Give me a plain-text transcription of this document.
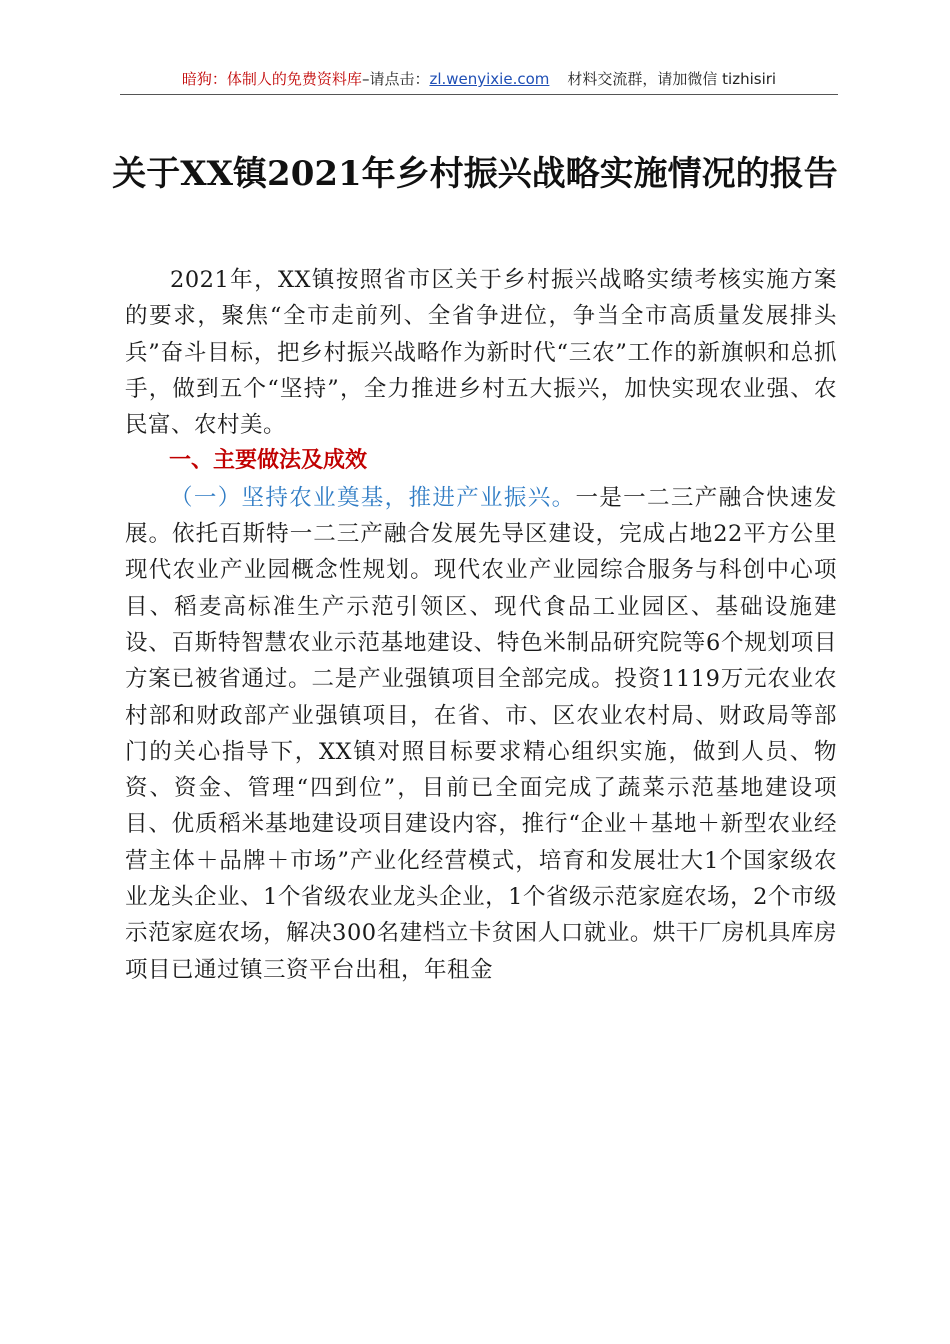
暗狗：体制人的免费资料库–请点击：zl.wenyixie.com 材料交流群，请加微信 tizhisiri
关于XX镇2021年乡村振兴战略实施情况的报告

2021年，XX镇按照省市区关于乡村振兴战略实绩考核实施方案的要求，聚焦“全市走前列、全省争进位，争当全市高质量发展排头兵”奋斗目标，把乡村振兴战略作为新时代“三农”工作的新旗帜和总抓手，做到五个“坚持”，全力推进乡村五大振兴，加快实现农业强、农民富、农村美。

一、主要做法及成效

（一）坚持农业奠基，推进产业振兴。一是一二三产融合快速发展。依托百斯特一二三产融合发展先导区建设，完成占地22平方公里现代农业产业园概念性规划。现代农业产业园综合服务与科创中心项目、稻麦高标准生产示范引领区、现代食品工业园区、基础设施建设、百斯特智慧农业示范基地建设、特色米制品研究院等6个规划项目方案已被省通过。二是产业强镇项目全部完成。投资1119万元农业农村部和财政部产业强镇项目，在省、市、区农业农村局、财政局等部门的关心指导下，XX镇对照目标要求精心组织实施，做到人员、物资、资金、管理“四到位”，目前已全面完成了蔬菜示范基地建设项目、优质稻米基地建设项目建设内容，推行“企业＋基地＋新型农业经营主体＋品牌＋市场”产业化经营模式，培育和发展壮大1个国家级农业龙头企业、1个省级农业龙头企业，1个省级示范家庭农场，2个市级示范家庭农场，解决300名建档立卡贫困人口就业。烘干厂房机具库房项目已通过镇三资平台出租，年租金
